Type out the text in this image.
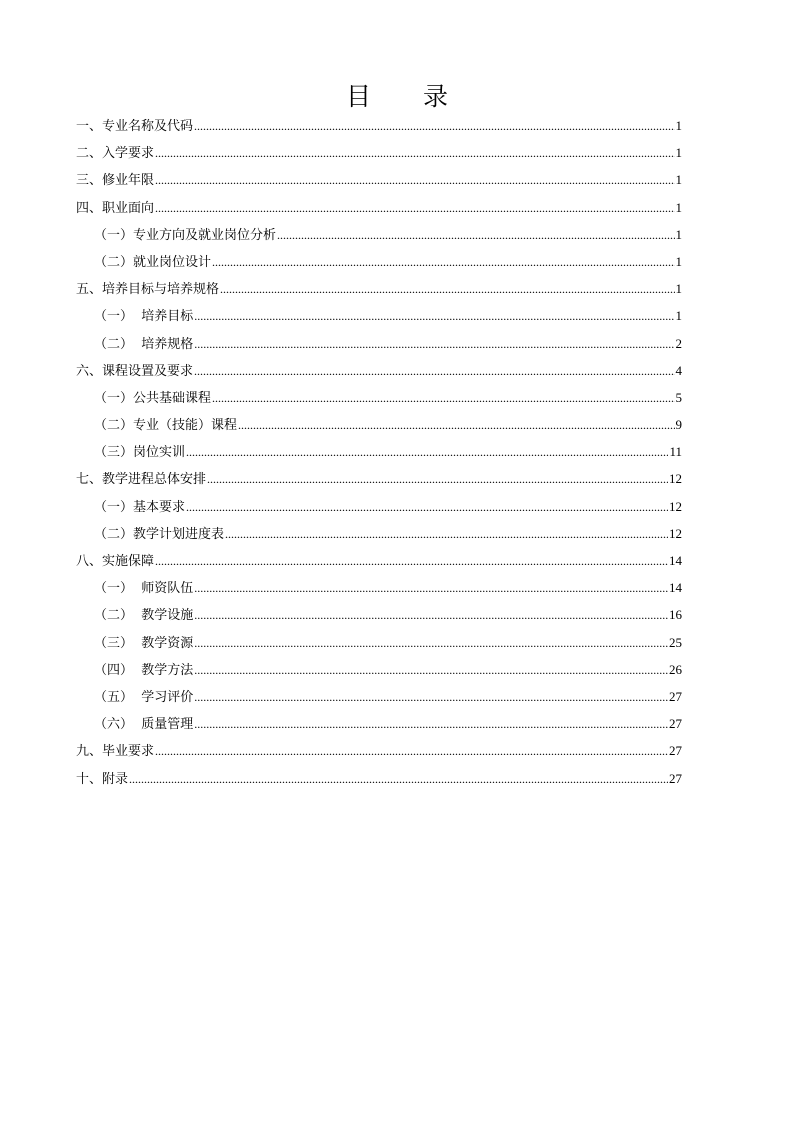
目 录
一、专业名称及代码 .....	1
二、入学要求 .....	1
三、修业年限 .....	1
四、职业面向 .....	1
（一）专业方向及就业岗位分析 .....	1
（二）就业岗位设计 .....	1
五、培养目标与培养规格 .....	1
（一）  培养目标 .....	1
（二）  培养规格 .....	2
六、课程设置及要求 .....	4
（一）公共基础课程 .....	5
（二）专业（技能）课程 .....	9
（三）岗位实训 .....	11
七、教学进程总体安排 .....	12
（一）基本要求 .....	12
（二）教学计划进度表 .....	12
八、实施保障 .....	14
（一）  师资队伍 .....	14
（二）  教学设施 .....	16
（三）  教学资源 .....	25
（四）  教学方法 .....	26
（五）  学习评价 .....	27
（六）  质量管理 .....	27
九、毕业要求 .....	27
十、附录 .....	27
